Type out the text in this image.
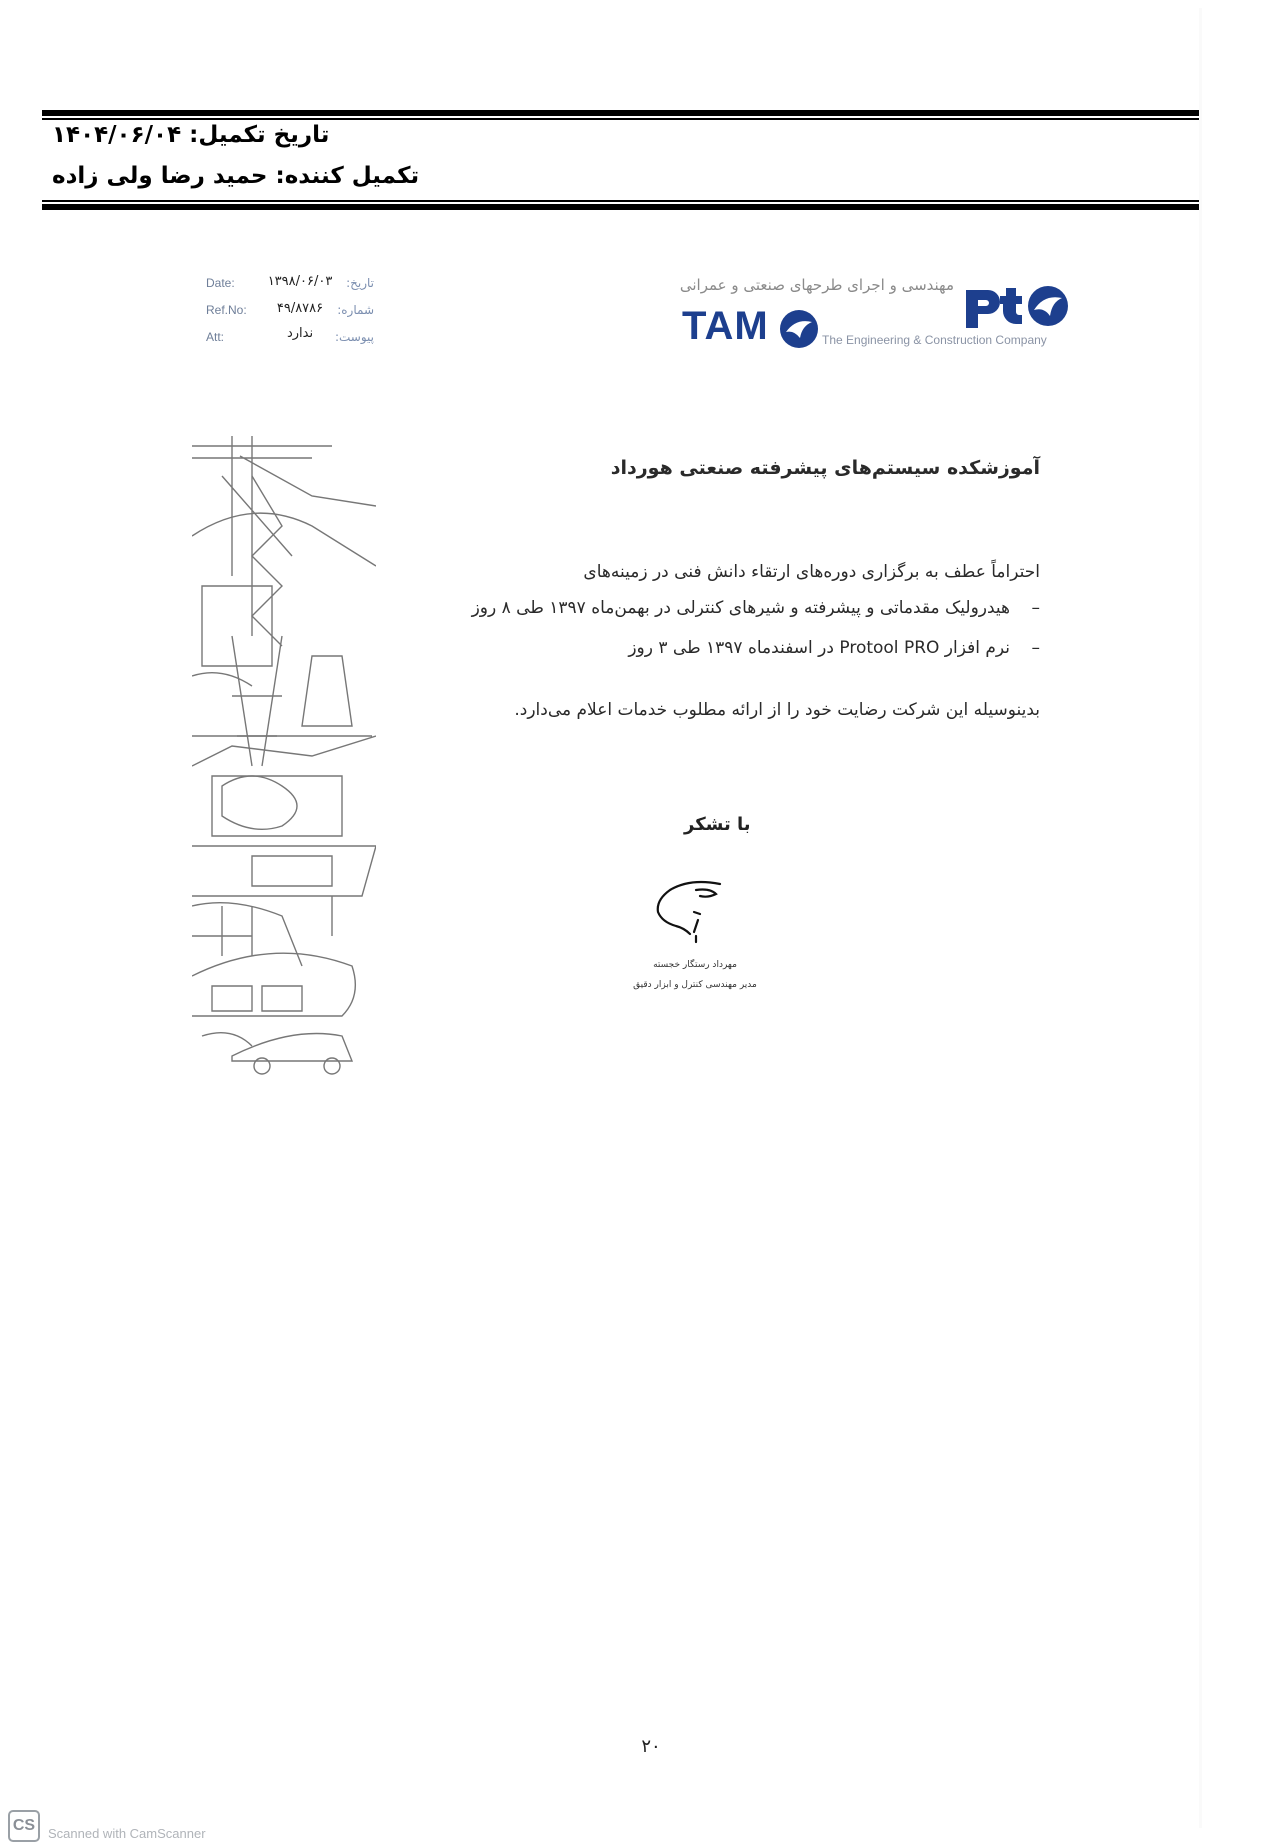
تاریخ تکمیل: ۱۴۰۴/۰۶/۰۴
تکمیل کننده: حمید رضا ولی زاده
Date:	۱۳۹۸/۰۶/۰۳	تاریخ:
Ref.No:	۴۹/۸۷۸۶	شماره:
Att:	ندارد	پیوست:
مهندسی و اجرای طرحهای صنعتی و عمرانی
TAM	The Engineering & Construction Company
آموزشکده سیستم‌های پیشرفته صنعتی هورداد
احتراماً عطف به برگزاری دوره‌های ارتقاء دانش فنی در زمینه‌های
–هیدرولیک مقدماتی و پیشرفته و شیرهای کنترلی در بهمن‌ماه ۱۳۹۷ طی ۸ روز
–نرم افزار Protool PRO در اسفندماه ۱۳۹۷ طی ۳ روز
بدینوسیله این شرکت رضایت خود را از ارائه مطلوب خدمات اعلام می‌دارد.
با تشکر
مهرداد رستگار خجسته
مدیر مهندسی کنترل و ابزار دقیق
۲۰
CS Scanned with CamScanner
